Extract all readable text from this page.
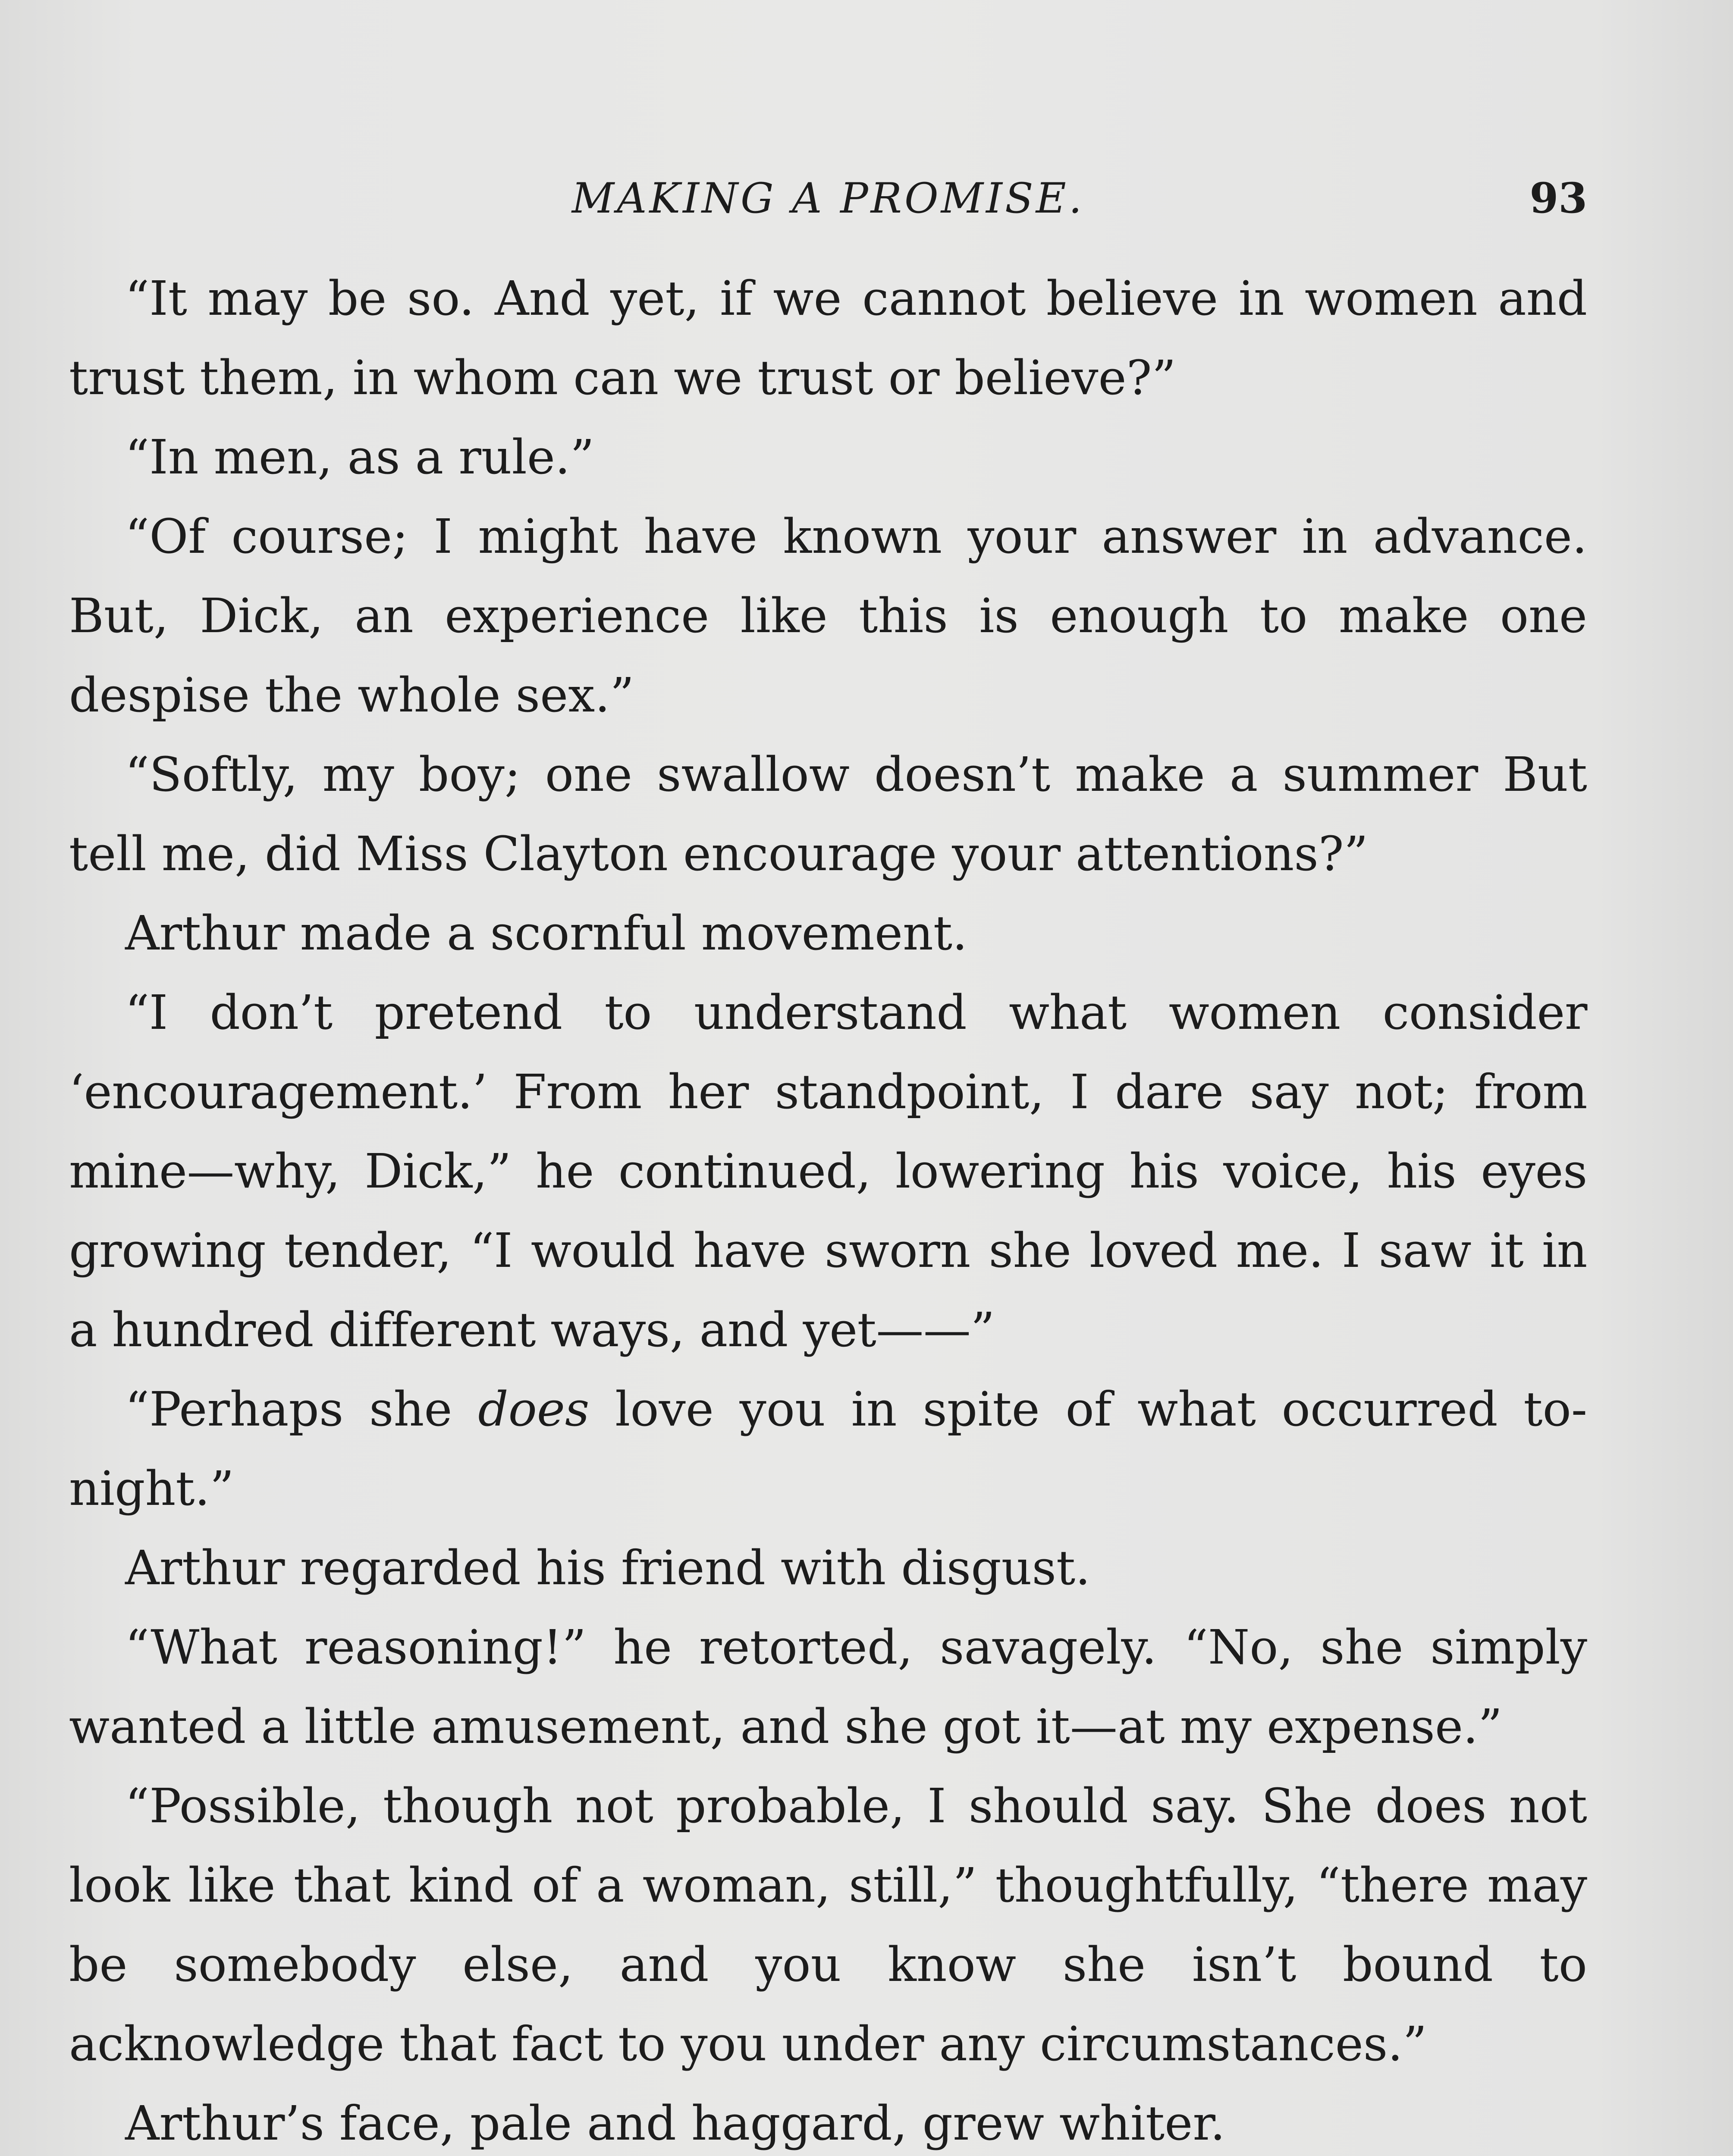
MAKING A PROMISE.	93

“It may be so. And yet, if we cannot believe in women and trust them, in whom can we trust or believe?”

“In men, as a rule.”

“Of course; I might have known your answer in advance. But, Dick, an experience like this is enough to make one despise the whole sex.”

“Softly, my boy; one swallow doesn’t make a summer But tell me, did Miss Clayton encourage your attentions?”

Arthur made a scornful movement.

“I don’t pretend to understand what women consider ‘encouragement.’ From her standpoint, I dare say not; from mine—why, Dick,” he continued, lowering his voice, his eyes growing tender, “I would have sworn she loved me. I saw it in a hundred different ways, and yet——”

“Perhaps she does love you in spite of what occurred to-night.”

Arthur regarded his friend with disgust.

“What reasoning!” he retorted, savagely. “No, she simply wanted a little amusement, and she got it—at my expense.”

“Possible, though not probable, I should say. She does not look like that kind of a woman, still,” thoughtfully, “there may be somebody else, and you know she isn’t bound to acknowledge that fact to you under any circumstances.”

Arthur’s face, pale and haggard, grew whiter.
